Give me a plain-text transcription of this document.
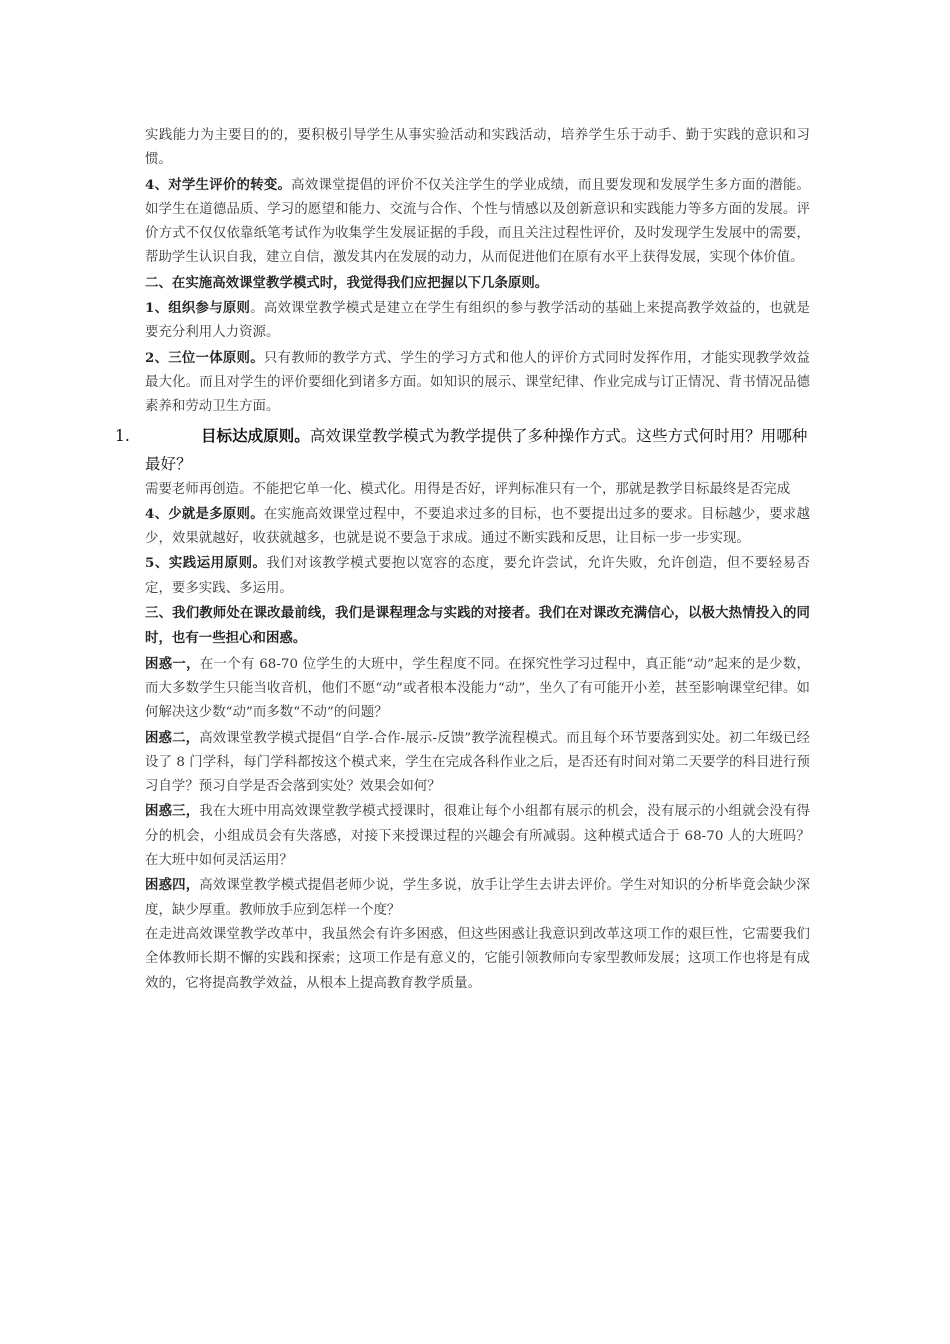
实践能力为主要目的的，要积极引导学生从事实验活动和实践活动，培养学生乐于动手、勤于实践的意识和习惯。

4、对学生评价的转变。高效课堂提倡的评价不仅关注学生的学业成绩，而且要发现和发展学生多方面的潜能。如学生在道德品质、学习的愿望和能力、交流与合作、个性与情感以及创新意识和实践能力等多方面的发展。评价方式不仅仅依靠纸笔考试作为收集学生发展证据的手段，而且关注过程性评价，及时发现学生发展中的需要，帮助学生认识自我，建立自信，激发其内在发展的动力，从而促进他们在原有水平上获得发展，实现个体价值。

二、在实施高效课堂教学模式时，我觉得我们应把握以下几条原则。

1、组织参与原则。高效课堂教学模式是建立在学生有组织的参与教学活动的基础上来提高教学效益的，也就是要充分利用人力资源。

2、三位一体原则。只有教师的教学方式、学生的学习方式和他人的评价方式同时发挥作用，才能实现教学效益最大化。而且对学生的评价要细化到诸多方面。如知识的展示、课堂纪律、作业完成与订正情况、背书情况品德素养和劳动卫生方面。

1.	目标达成原则。高效课堂教学模式为教学提供了多种操作方式。这些方式何时用？用哪种最好？

需要老师再创造。不能把它单一化、模式化。用得是否好，评判标准只有一个，那就是教学目标最终是否完成

4、少就是多原则。在实施高效课堂过程中，不要追求过多的目标，也不要提出过多的要求。目标越少，要求越少，效果就越好，收获就越多，也就是说不要急于求成。通过不断实践和反思，让目标一步一步实现。

5、实践运用原则。我们对该教学模式要抱以宽容的态度，要允许尝试，允许失败，允许创造，但不要轻易否定，要多实践、多运用。

三、我们教师处在课改最前线，我们是课程理念与实践的对接者。我们在对课改充满信心，以极大热情投入的同时，也有一些担心和困惑。

困惑一，在一个有 68-70 位学生的大班中，学生程度不同。在探究性学习过程中，真正能“动”起来的是少数，而大多数学生只能当收音机，他们不愿“动”或者根本没能力“动”，坐久了有可能开小差，甚至影响课堂纪律。如何解决这少数“动”而多数“不动”的问题？

困惑二，高效课堂教学模式提倡“自学-合作-展示-反馈”教学流程模式。而且每个环节要落到实处。初二年级已经设了 8 门学科，每门学科都按这个模式来，学生在完成各科作业之后，是否还有时间对第二天要学的科目进行预习自学？预习自学是否会落到实处？效果会如何？

困惑三，我在大班中用高效课堂教学模式授课时，很难让每个小组都有展示的机会，没有展示的小组就会没有得分的机会，小组成员会有失落感，对接下来授课过程的兴趣会有所减弱。这种模式适合于 68-70 人的大班吗？在大班中如何灵活运用？

困惑四，高效课堂教学模式提倡老师少说，学生多说，放手让学生去讲去评价。学生对知识的分析毕竟会缺少深度，缺少厚重。教师放手应到怎样一个度？

在走进高效课堂教学改革中，我虽然会有许多困惑，但这些困惑让我意识到改革这项工作的艰巨性，它需要我们全体教师长期不懈的实践和探索；这项工作是有意义的，它能引领教师向专家型教师发展；这项工作也将是有成效的，它将提高教学效益，从根本上提高教育教学质量。
